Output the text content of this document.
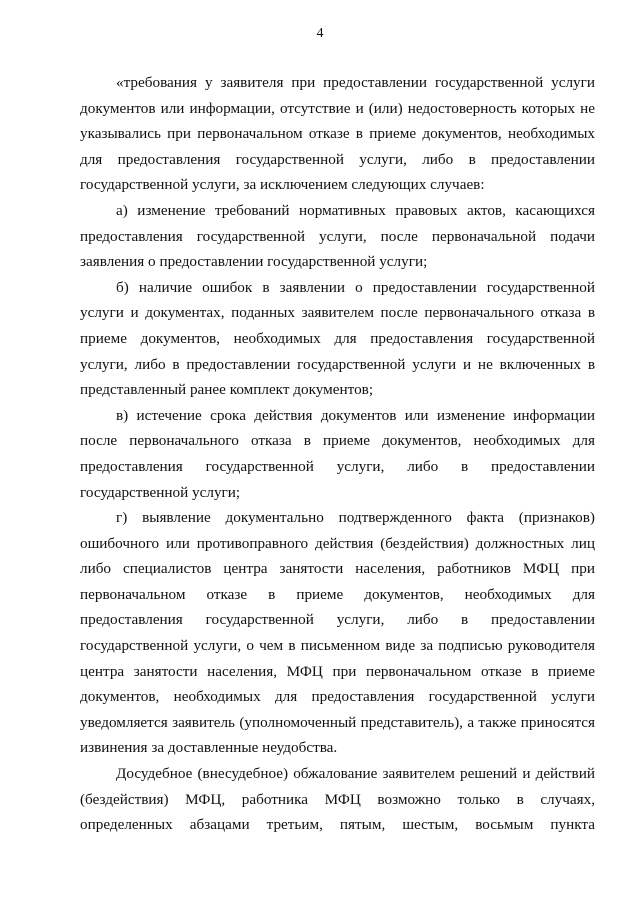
4

«требования у заявителя при предоставлении государственной услуги документов или информации, отсутствие и (или) недостоверность которых не указывались при первоначальном отказе в приеме документов, необходимых для предоставления государственной услуги, либо в предоставлении государственной услуги, за исключением следующих случаев:

а) изменение требований нормативных правовых актов, касающихся предоставления государственной услуги, после первоначальной подачи заявления о предоставлении государственной услуги;

б) наличие ошибок в заявлении о предоставлении государственной услуги и документах, поданных заявителем после первоначального отказа в приеме документов, необходимых для предоставления государственной услуги, либо в предоставлении государственной услуги и не включенных в представленный ранее комплект документов;

в) истечение срока действия документов или изменение информации после первоначального отказа в приеме документов, необходимых для предоставления государственной услуги, либо в предоставлении государственной услуги;

г) выявление документально подтвержденного факта (признаков) ошибочного или противоправного действия (бездействия) должностных лиц либо специалистов центра занятости населения, работников МФЦ при первоначальном отказе в приеме документов, необходимых для предоставления государственной услуги, либо в предоставлении государственной услуги, о чем в письменном виде за подписью руководителя центра занятости населения, МФЦ при первоначальном отказе в приеме документов, необходимых для предоставления государственной услуги уведомляется заявитель (уполномоченный представитель), а также приносятся извинения за доставленные неудобства.

Досудебное (внесудебное) обжалование заявителем решений и действий (бездействия) МФЦ, работника МФЦ возможно только в случаях, определенных абзацами третьим, пятым, шестым, восьмым пункта
